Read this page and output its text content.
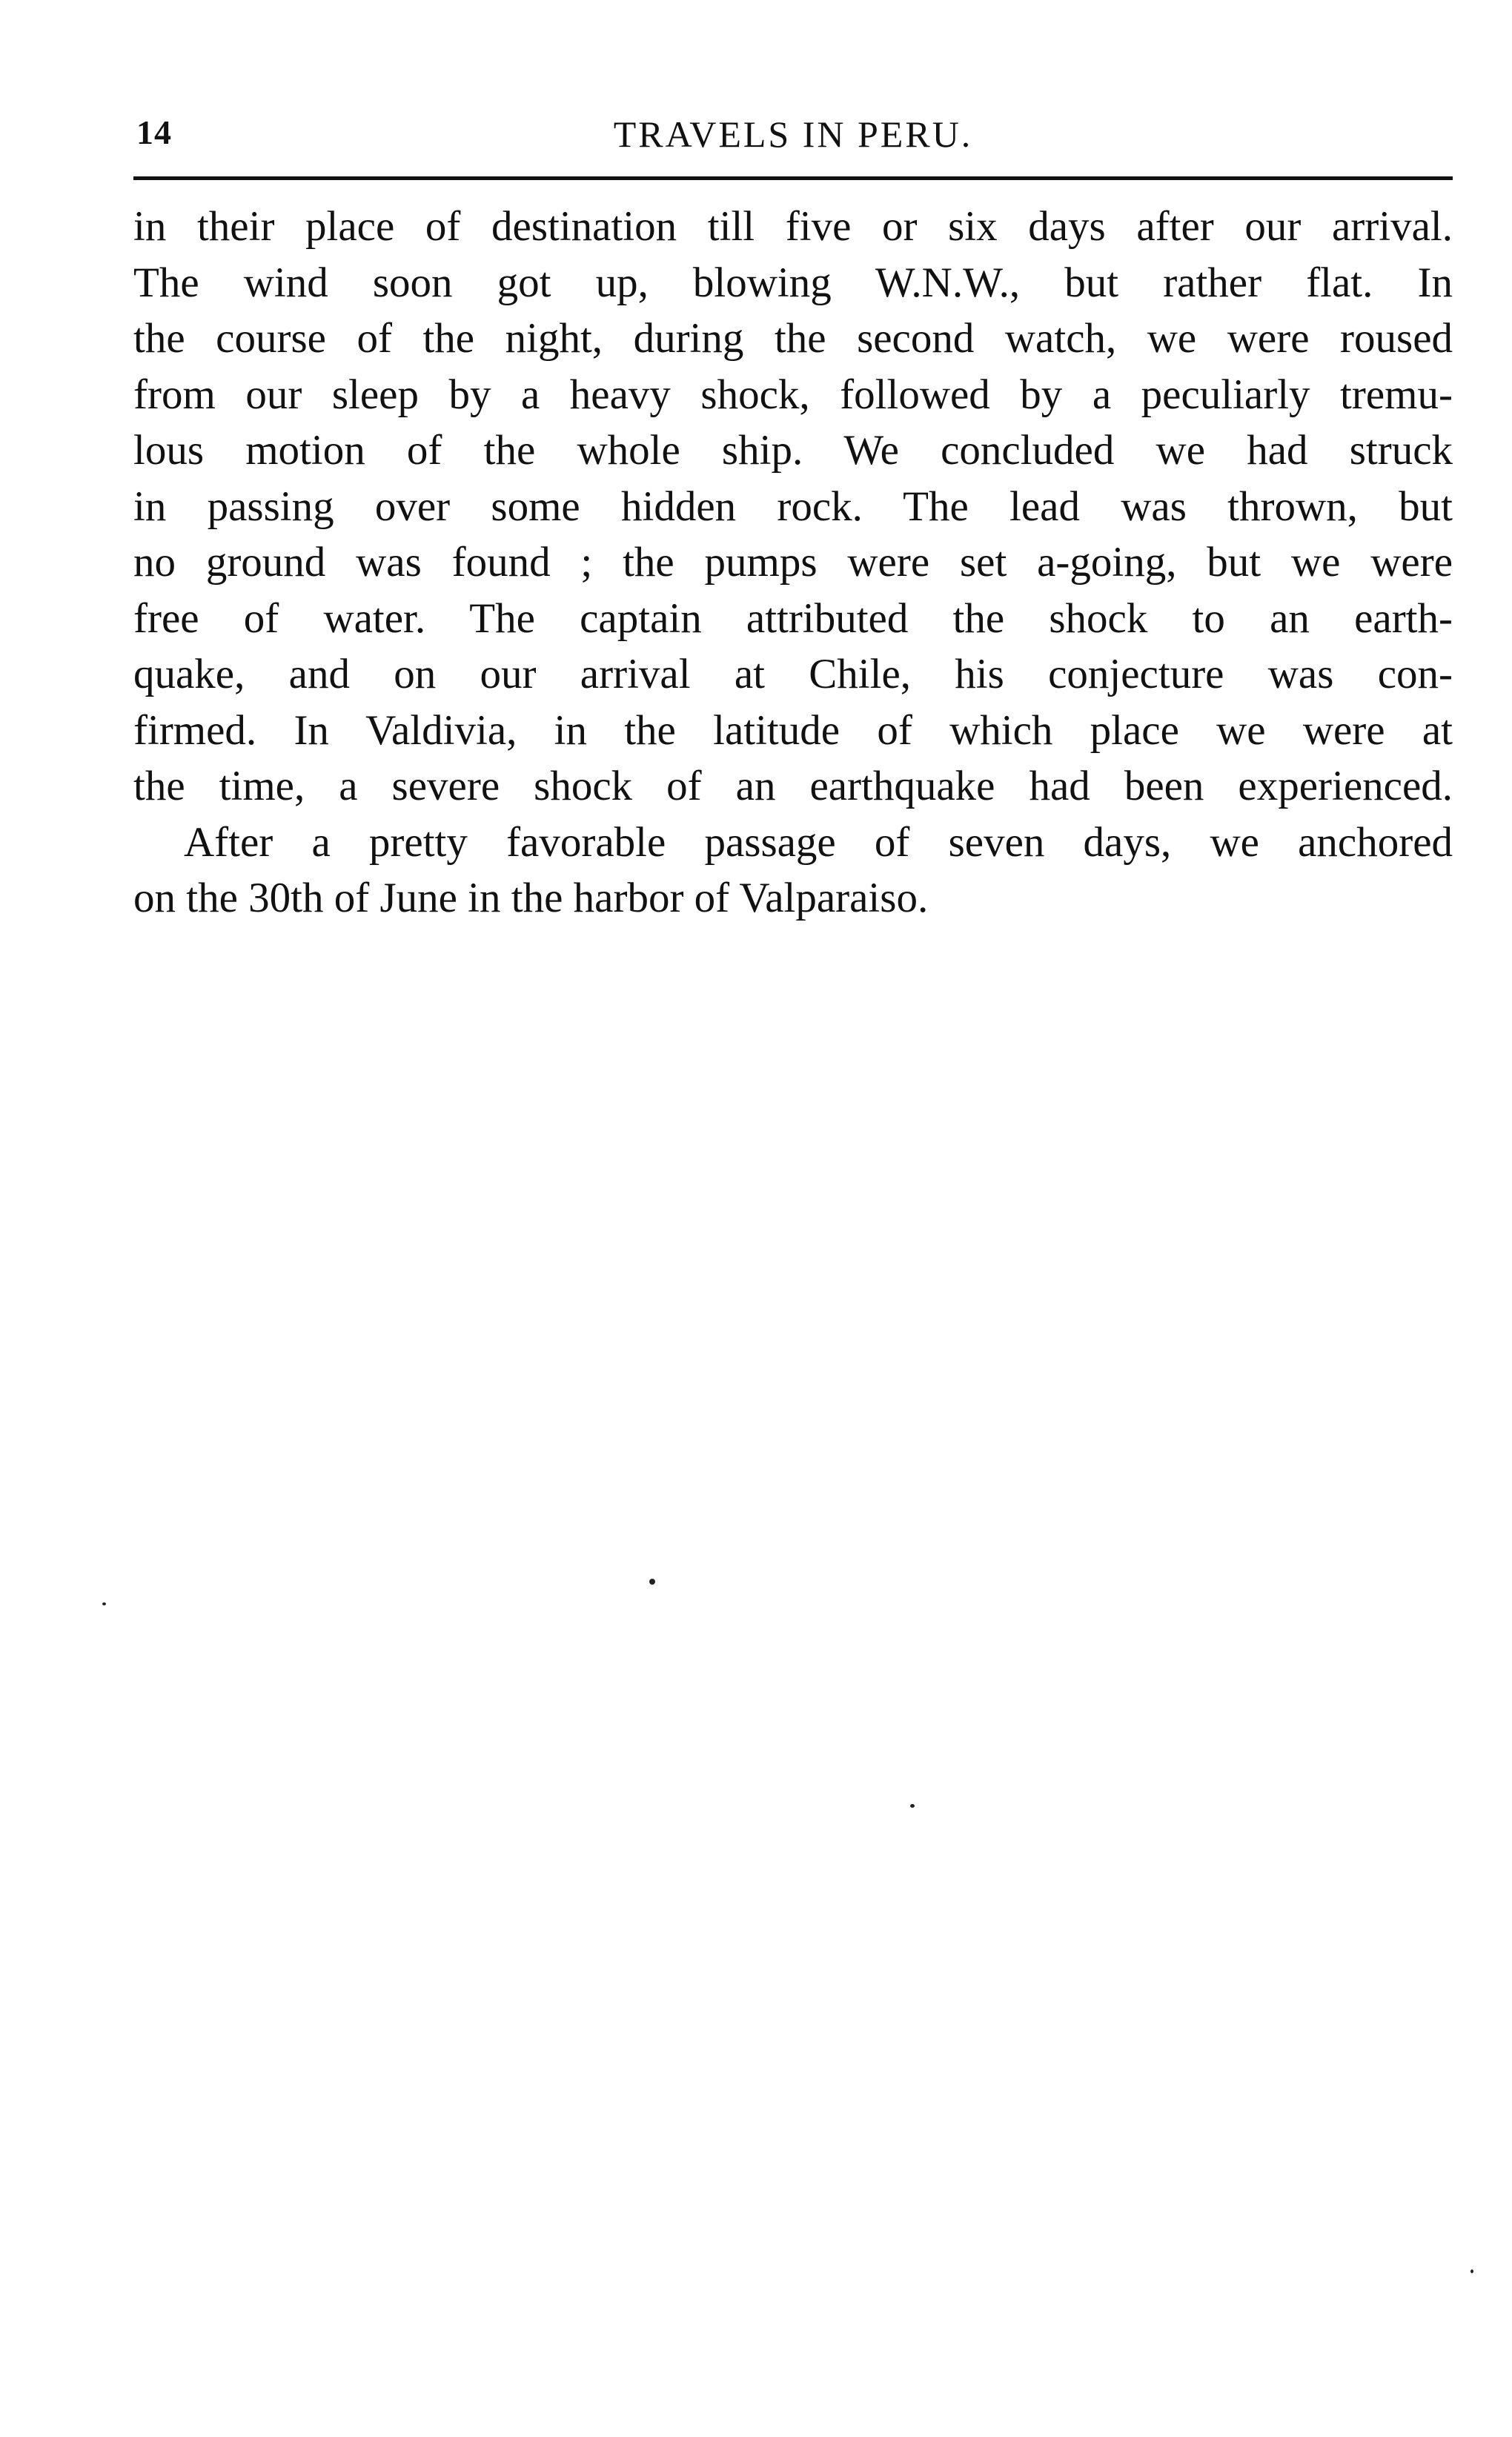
14	TRAVELS IN PERU.
in their place of destination till five or six days after our arrival.
The wind soon got up, blowing W.N.W., but rather flat. In
the course of the night, during the second watch, we were roused
from our sleep by a heavy shock, followed by a peculiarly tremu-
lous motion of the whole ship. We concluded we had struck
in passing over some hidden rock. The lead was thrown, but
no ground was found ; the pumps were set a-going, but we were
free of water. The captain attributed the shock to an earth-
quake, and on our arrival at Chile, his conjecture was con-
firmed. In Valdivia, in the latitude of which place we were at
the time, a severe shock of an earthquake had been experienced.
After a pretty favorable passage of seven days, we anchored
on the 30th of June in the harbor of Valparaiso.
